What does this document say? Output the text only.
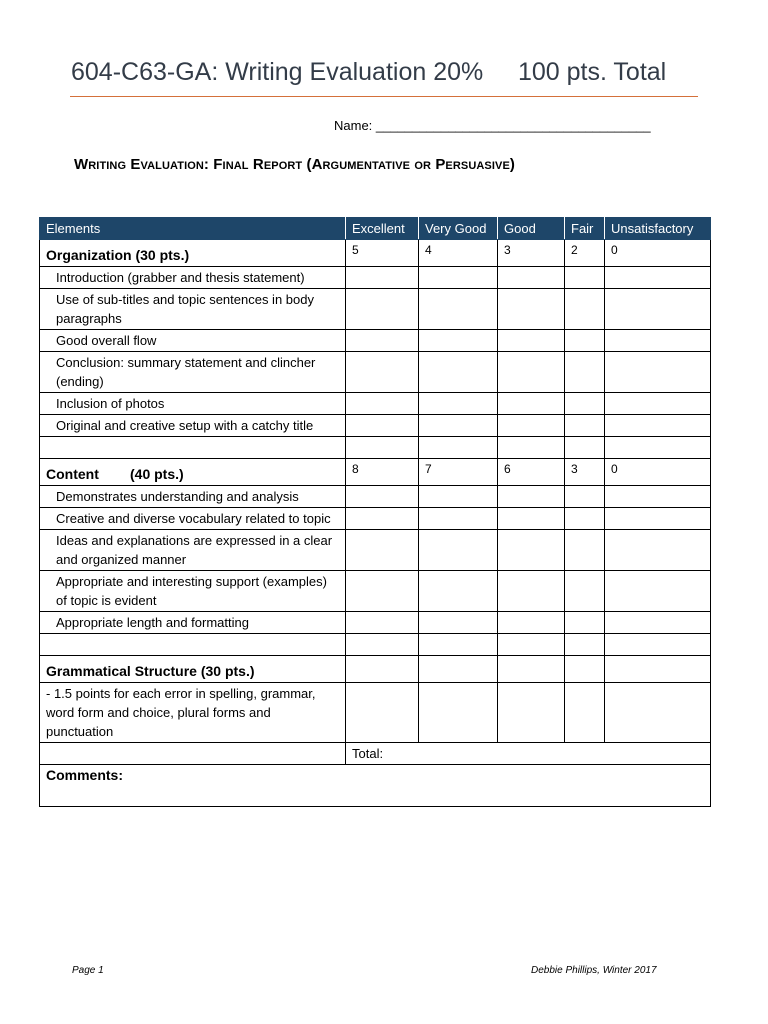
604-C63-GA: Writing Evaluation 20%     100 pts. Total
Name: ______________________________________
Writing Evaluation: Final Report (Argumentative or Persuasive)
Elements	Excellent	Very Good	Good	Fair	Unsatisfactory
Organization (30 pts.)	5	4	3	2	0
Introduction (grabber and thesis statement)					
Use of sub-titles and topic sentences in body paragraphs					
Good overall flow					
Conclusion: summary statement and clincher (ending)					
Inclusion of photos					
Original and creative setup with a catchy title					

Content        (40 pts.)	8	7	6	3	0
Demonstrates understanding and analysis					
Creative and diverse vocabulary related to topic					
Ideas and explanations are expressed in a clear and organized manner					
Appropriate and interesting support (examples) of topic is evident					
Appropriate length and formatting					

Grammatical Structure (30 pts.)					
- 1.5 points for each error in spelling, grammar, word form and choice, plural forms and punctuation					
	Total:				
Comments:					
Page 1	Debbie Phillips, Winter 2017
